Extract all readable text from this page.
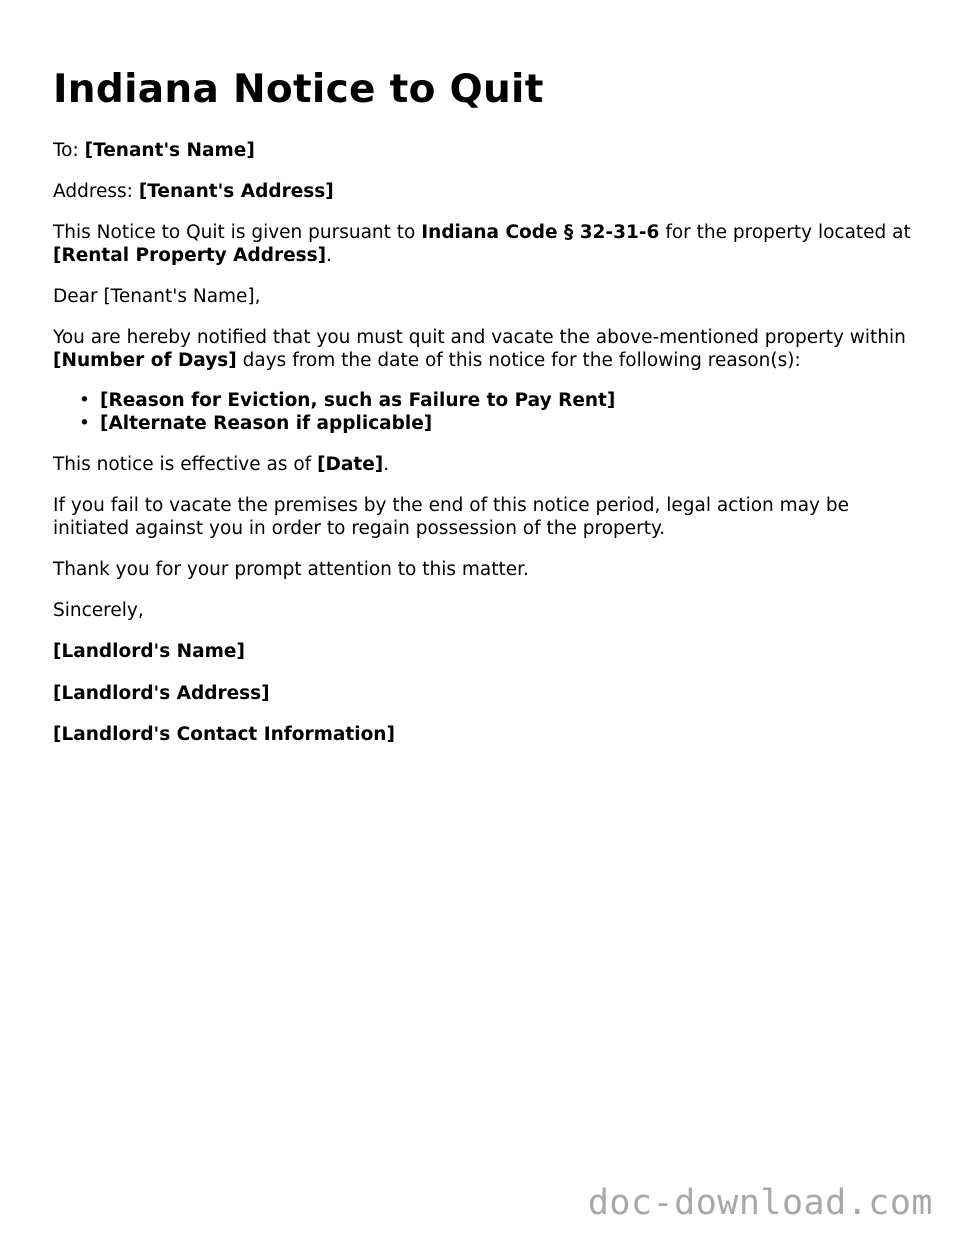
Indiana Notice to Quit
To: [Tenant's Name]
Address: [Tenant's Address]
This Notice to Quit is given pursuant to Indiana Code § 32-31-6 for the property located at [Rental Property Address].
Dear [Tenant's Name],
You are hereby notified that you must quit and vacate the above-mentioned property within [Number of Days] days from the date of this notice for the following reason(s):
• [Reason for Eviction, such as Failure to Pay Rent]
• [Alternate Reason if applicable]
This notice is effective as of [Date].
If you fail to vacate the premises by the end of this notice period, legal action may be initiated against you in order to regain possession of the property.
Thank you for your prompt attention to this matter.
Sincerely,
[Landlord's Name]
[Landlord's Address]
[Landlord's Contact Information]
doc-download.com
